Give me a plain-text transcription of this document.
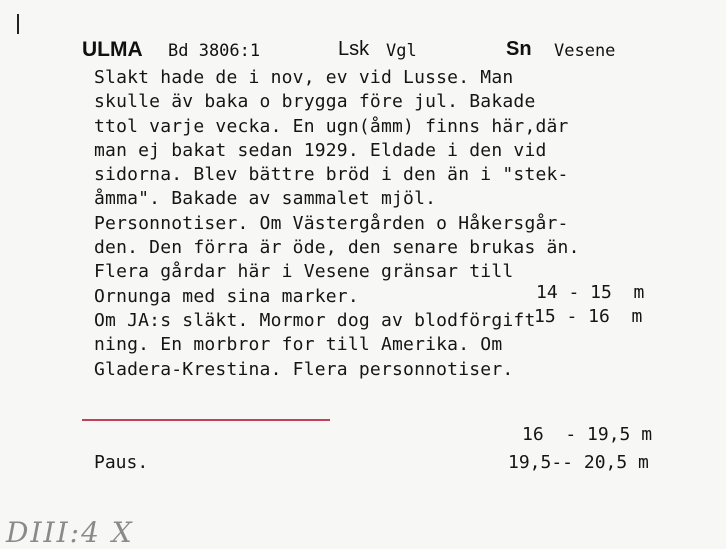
ULMA Bd 3806:1	Lsk Vgl	Sn Vesene
Slakt hade de i nov, ev vid Lusse. Man
skulle äv baka o brygga före jul. Bakade
ttol varje vecka. En ugn(åmm) finns här,där
man ej bakat sedan 1929. Eldade i den vid
sidorna. Blev bättre bröd i den än i "stek-
åmma". Bakade av sammalet mjöl.
Personnotiser. Om Västergården o Håkersgår-
den. Den förra är öde, den senare brukas än.
Flera gårdar här i Vesene gränsar till
Ornunga med sina marker.
Om JA:s släkt. Mormor dog av blodförgift-
ning. En morbror for till Amerika. Om
Gladera-Krestina. Flera personnotiser.
14 - 15  m
15 - 16  m
16  - 19,5 m
19,5-- 20,5 m
Paus.
DIII:4 X
